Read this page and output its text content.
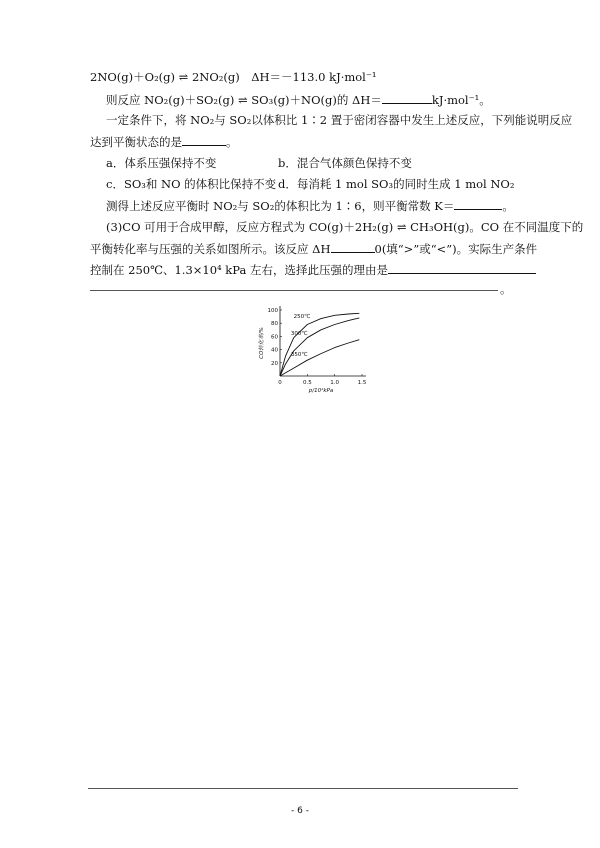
2NO(g)＋O₂(g) ⇌ 2NO₂(g)　ΔH＝－113.0 kJ·mol⁻¹
则反应 NO₂(g)＋SO₂(g) ⇌ SO₃(g)＋NO(g)的 ΔH＝	kJ·mol⁻¹。
一定条件下，将 NO₂与 SO₂以体积比 1∶2 置于密闭容器中发生上述反应，下列能说明反应
达到平衡状态的是	。
a．体系压强保持不变	b．混合气体颜色保持不变
c．SO₃和 NO 的体积比保持不变 d．每消耗 1 mol SO₃的同时生成 1 mol NO₂
测得上述反应平衡时 NO₂与 SO₂的体积比为 1∶6，则平衡常数 K＝	。
(3)CO 可用于合成甲醇，反应方程式为 CO(g)＋2H₂(g) ⇌ CH₃OH(g)。CO 在不同温度下的
平衡转化率与压强的关系如图所示。该反应 ΔH	0(填“>”或“<”)。实际生产条件
控制在 250℃、1.3×10⁴ kPa 左右，选择此压强的理由是
。
0	0.5	1.0	1.5
20
40
60
80
100
p/10⁴kPa
CO转化率/%
250℃
300℃
350℃
- 6 -
